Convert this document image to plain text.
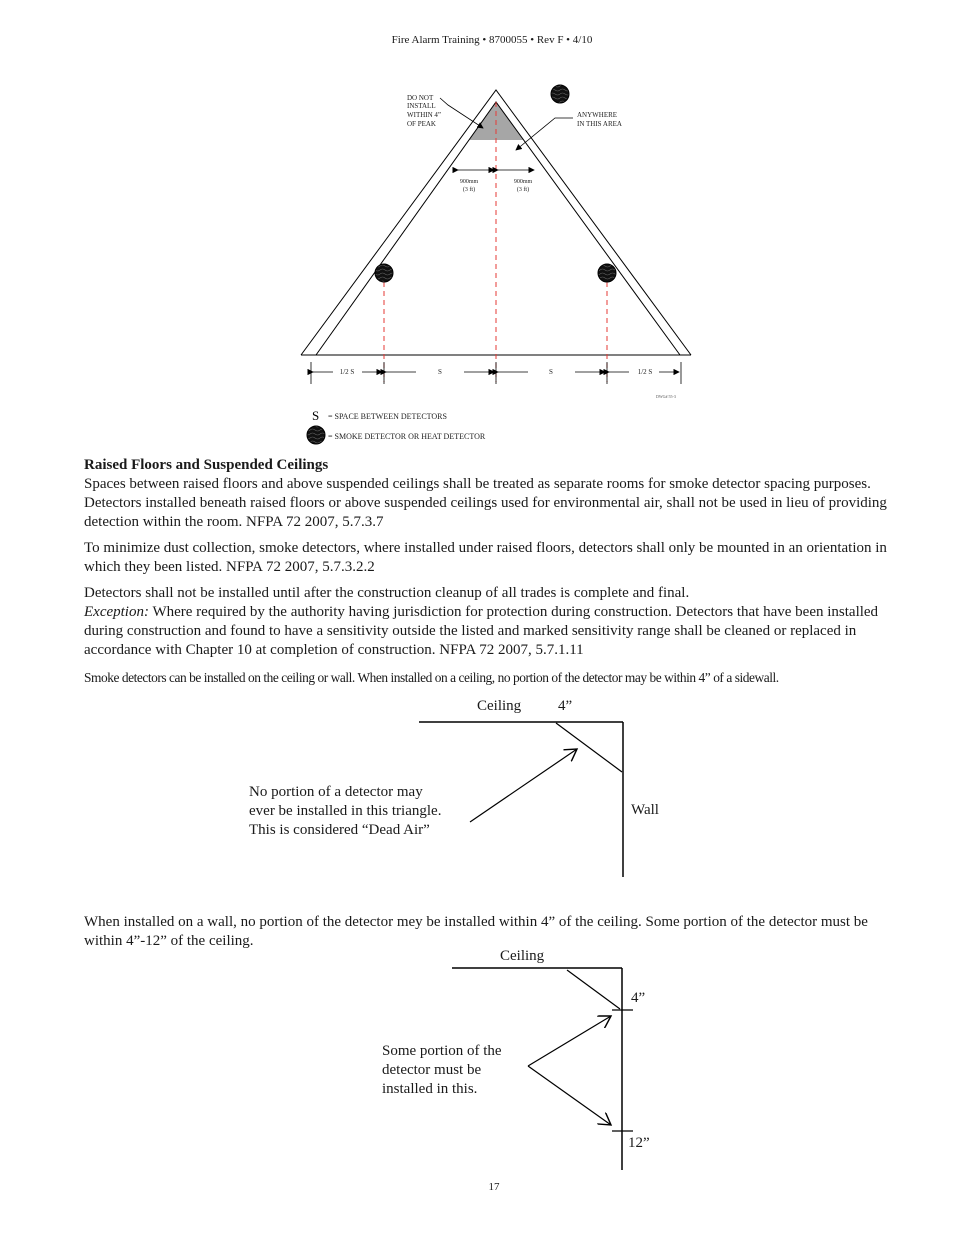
Fire Alarm Training • 8700055 • Rev F • 4/10
DO NOT
INSTALL
WITHIN 4”
OF PEAK
ANYWHERE
IN THIS AREA
900mm
(3 ft)
900mm
(3 ft)
1/2 S	S	S	1/2 S
DWG# 55-3
S = SPACE BETWEEN DETECTORS
= SMOKE DETECTOR OR HEAT DETECTOR

Raised Floors and Suspended Ceilings

Spaces between raised floors and above suspended ceilings shall be treated as separate rooms for smoke detector spacing purposes. Detectors installed beneath raised floors or above suspended ceilings used for environmental air, shall not be used in lieu of providing detection within the room. NFPA 72 2007, 5.7.3.7

To minimize dust collection, smoke detectors, where installed under raised floors, detectors shall only be mounted in an orientation in which they been listed. NFPA 72 2007, 5.7.3.2.2

Detectors shall not be installed until after the construction cleanup of all trades is complete and final.

Exception: Where required by the authority having jurisdiction for protection during construction. Detectors that have been installed during construction and found to have a sensitivity outside the listed and marked sensitivity range shall be cleaned or replaced in accordance with Chapter 10 at completion of construction. NFPA 72 2007, 5.7.1.11

Smoke detectors can be installed on the ceiling or wall. When installed on a ceiling, no portion of the detector may be within 4” of a sidewall.

Ceiling 4”
Wall
No portion of a detector may
ever be installed in this triangle.
This is considered “Dead Air”
When installed on a wall, no portion of the detector mey be installed within 4” of the ceiling. Some portion of the detector must be within 4”-12” of the ceiling.
Ceiling
4”
12”
Some portion of the
detector must be
installed in this.
17
